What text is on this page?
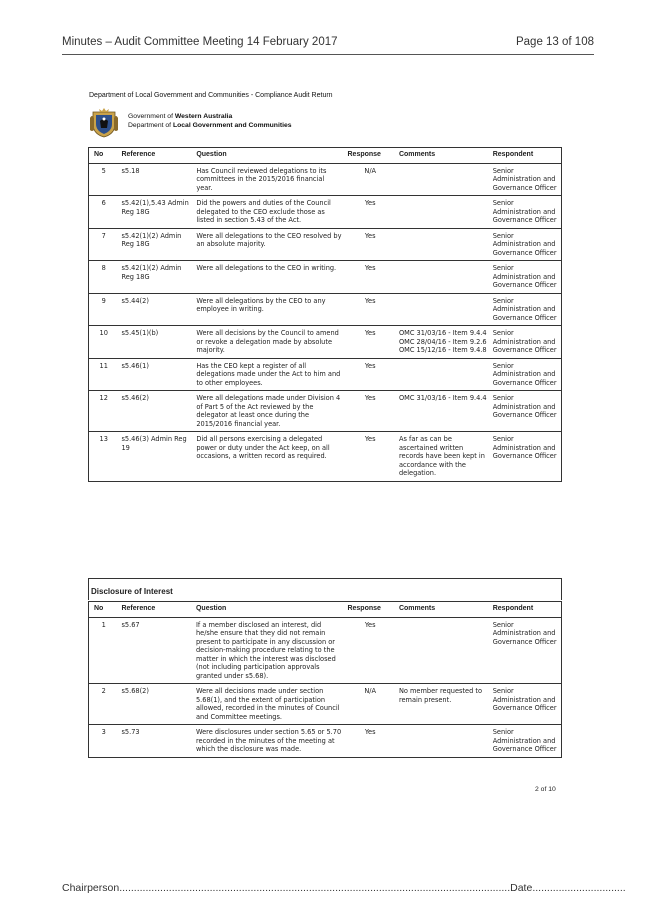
Minutes – Audit Committee Meeting 14 February 2017	Page 13 of 108
Department of Local Government and Communities - Compliance Audit Return
Government of Western Australia
Department of Local Government and Communities
No	Reference	Question	Response	Comments	Respondent
5	s5.18	Has Council reviewed delegations to its committees in the 2015/2016 financial year.	N/A		Senior Administration and Governance Officer
6	s5.42(1),5.43 Admin Reg 18G	Did the powers and duties of the Council delegated to the CEO exclude those as listed in section 5.43 of the Act.	Yes		Senior Administration and Governance Officer
7	s5.42(1)(2) Admin Reg 18G	Were all delegations to the CEO resolved by an absolute majority.	Yes		Senior Administration and Governance Officer
8	s5.42(1)(2) Admin Reg 18G	Were all delegations to the CEO in writing.	Yes		Senior Administration and Governance Officer
9	s5.44(2)	Were all delegations by the CEO to any employee in writing.	Yes		Senior Administration and Governance Officer
10	s5.45(1)(b)	Were all decisions by the Council to amend or revoke a delegation made by absolute majority.	Yes	OMC 31/03/16 - Item 9.4.4 OMC 28/04/16 - Item 9.2.6 OMC 15/12/16 - Item 9.4.8	Senior Administration and Governance Officer
11	s5.46(1)	Has the CEO kept a register of all delegations made under the Act to him and to other employees.	Yes		Senior Administration and Governance Officer
12	s5.46(2)	Were all delegations made under Division 4 of Part 5 of the Act reviewed by the delegator at least once during the 2015/2016 financial year.	Yes	OMC 31/03/16 - Item 9.4.4	Senior Administration and Governance Officer
13	s5.46(3) Admin Reg 19	Did all persons exercising a delegated power or duty under the Act keep, on all occasions, a written record as required.	Yes	As far as can be ascertained written records have been kept in accordance with the delegation.	Senior Administration and Governance Officer
Disclosure of Interest
No	Reference	Question	Response	Comments	Respondent
1	s5.67	If a member disclosed an interest, did he/she ensure that they did not remain present to participate in any discussion or decision-making procedure relating to the matter in which the interest was disclosed (not including participation approvals granted under s5.68).	Yes		Senior Administration and Governance Officer
2	s5.68(2)	Were all decisions made under section 5.68(1), and the extent of participation allowed, recorded in the minutes of Council and Committee meetings.	N/A	No member requested to remain present.	Senior Administration and Governance Officer
3	s5.73	Were disclosures under section 5.65 or 5.70 recorded in the minutes of the meeting at which the disclosure was made.	Yes		Senior Administration and Governance Officer
2 of 10
Chairperson......................................................................................................................................Date................................
